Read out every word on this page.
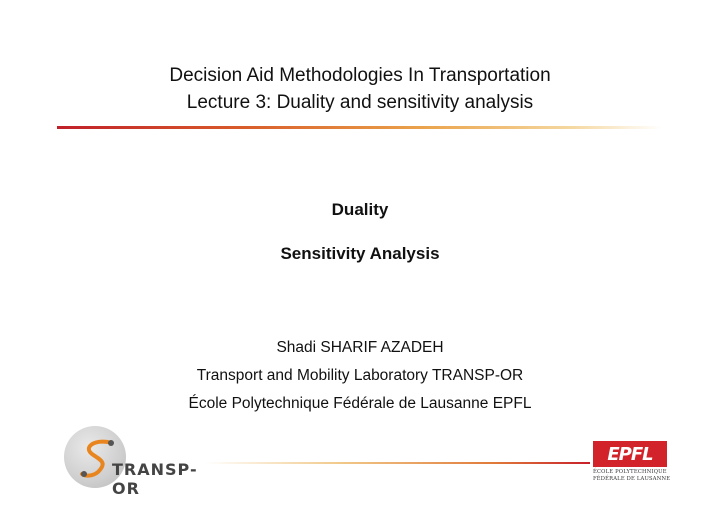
Decision Aid Methodologies In Transportation
Lecture 3: Duality and sensitivity analysis
Duality
Sensitivity Analysis
Shadi SHARIF AZADEH
Transport and Mobility Laboratory TRANSP-OR
École Polytechnique Fédérale de Lausanne EPFL
TRANSP-OR
EPFL
ÉCOLE POLYTECHNIQUE
FÉDÉRALE DE LAUSANNE
